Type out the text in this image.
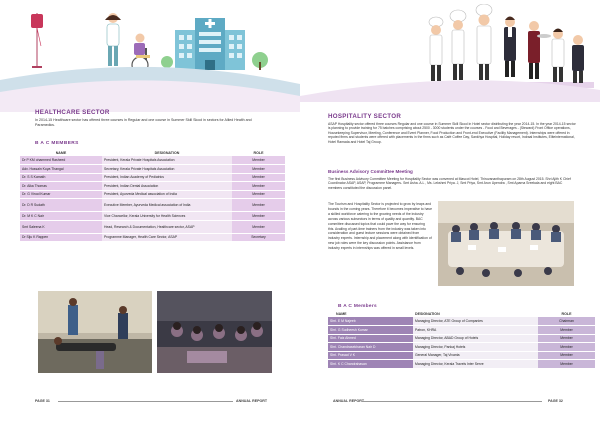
HEALTHCARE SECTOR
In 2014-15 Healthcare sector has offered three courses in Regular and one course in Summer Skill Skool in sectors for Allied Health and Paramedics.
B A C MEMBERS
NAME	DESIGNATION	ROLE
Dr P KM ohammed Rasheed	President, Kerala Private Hospitals Association	Member
Adv. Hussain Koya Thangal	Secretary, Kerala Private Hospitals Association	Member
Dr. S S Kamath	President, Indian Academy of Pediatrics	Member
Dr. Alka Thomas	President, Indian Dental Association	Member
Dr. G Vinod Kumar	President, Ayurveda Medical association of India	Member
Dr. D R Sudath	Executive Member, Ayurveda Medical association of India	Member
Dr. M K C Nair	Vice Chancellor, Kerala University for Health Sciences	Member
Smt Saleena K	Head, Research & Documentation, Healthcare sector, ASAP	Member
Dr Siju K Rappen	Programme Manager, Health Care Sector, ASAP	Secretary
PAGE 31	ANNUAL REPORT
HOSPITALITY SECTOR
ASAP Hospitality sector offered three courses Regular and one course in Summer Skill Skool in Hotel sector distributing the year 2014-15. In the year 2014-15 sector is planning to provide training for 75 batches comprising about 2500 - 3000 students under the courses - Food and Beverages - (Steward) Front Office operations, Housekeeping Supervisor, Meeting, Conference and Event Planner, Food Production and Front-end Executive (Facility Management). Internships were offered in reputed firms and students were offered with placements in the firms such as Café Coffee Day, Sankhya Hospital, Holiday resort, Indraal Institutes, Eliteinternational, Hotel Ramada and Hotel Taj Group.
Business Advisory Committee Meeting
The first Business Advisory Committee Meeting for Hospitality Sector was convened at Mascot Hotel, Thiruvananthapuram on 28th August 2015. Shri Ajith K Chief Coordinator ASAP, ASAP, Programme Managers- Smt Asha. A.L , Ms. Lekshmi Priya. J, Smt Priya, Smt Arun Upendra , Smt Aparna Sreekala and eight BAC members constituted the discussion panel.
The Tourism and Hospitality Sector is projected to grow by leaps and bounds in the coming years. Therefore it becomes imperative to have a skilled workforce catering to the growing needs of the industry across various subsectors in terms of quality and quantity. BAC committee discussed topics that could pave the way for ensuring this. Availing of part-time trainers from the industry was taken into consideration and guest lecture sessions were obtained from industry experts. Internship and placement along with identification of new job roles were the key discussion points. Assistance from industry experts in internships was offered in small levels.
B A C Members
NAME	DESIGNATION	ROLE
Shri. E M Najeeb	Managing Director, ATE Group of Companies	Chairman
Shri. G Sudheesh Kumar	Patron, KHRA	Member
Shri. Faiz Ahmed	Managing Director, ABAD Group of Hotels	Member
Shri. Chandrasekharan Nair D	Managing Director, Pankaj Hotels	Member
Shri. Prasad V K	General Manager, Taj Vivanta	Member
Shri. K C Chandrahasan	Managing Director, Kerala Travels Inter Serve	Member
ANNUAL REPORT	PAGE 32
